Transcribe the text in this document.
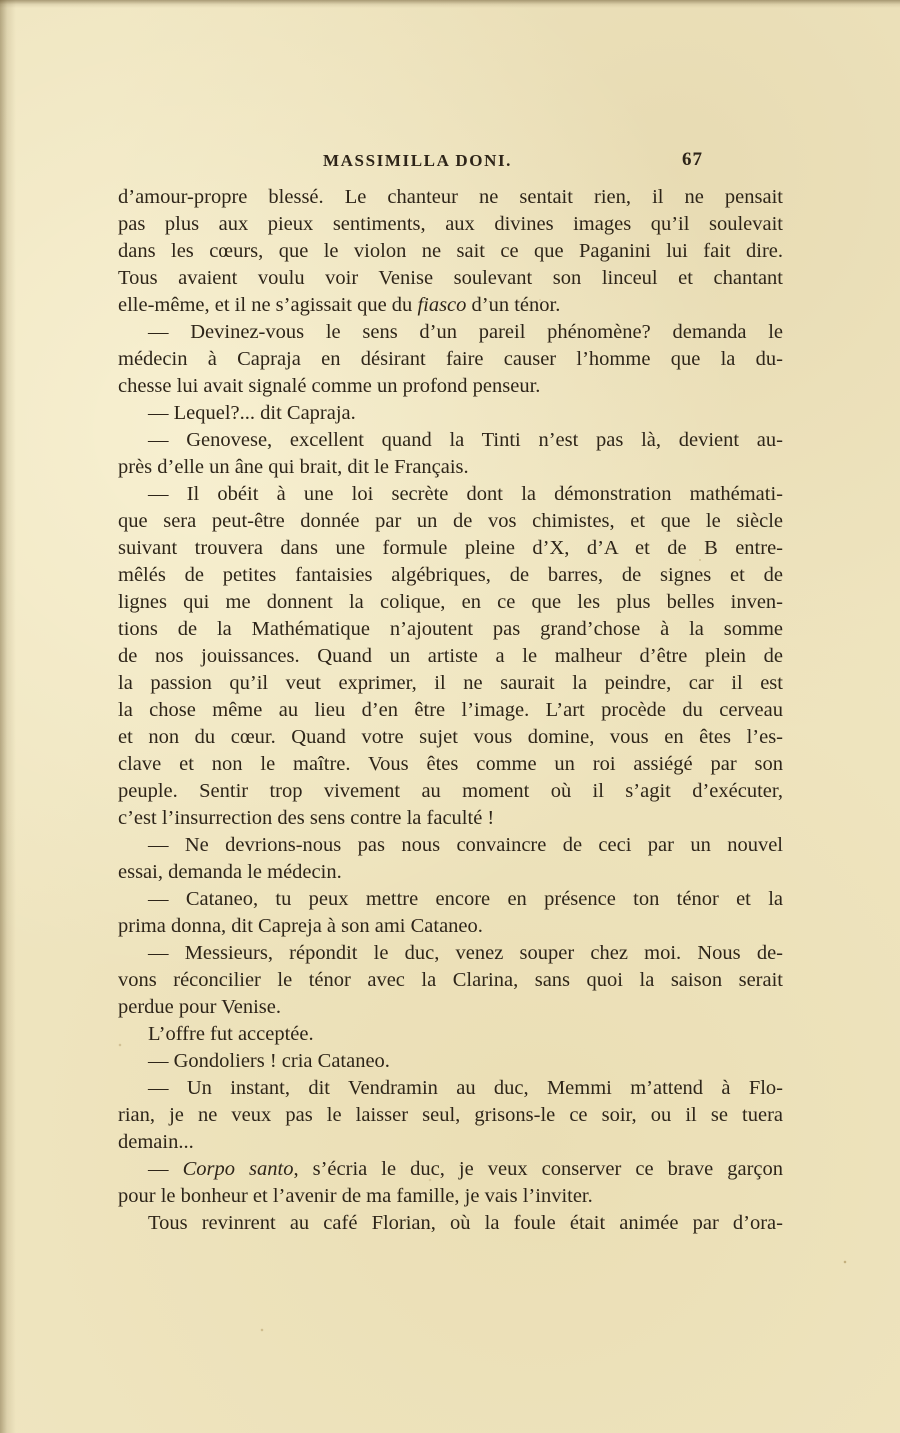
MASSIMILLA DONI.	67
d’amour-propre blessé. Le chanteur ne sentait rien, il ne pensait
pas plus aux pieux sentiments, aux divines images qu’il soulevait
dans les cœurs, que le violon ne sait ce que Paganini lui fait dire.
Tous avaient voulu voir Venise soulevant son linceul et chantant
elle-même, et il ne s’agissait que du fiasco d’un ténor.
— Devinez-vous le sens d’un pareil phénomène? demanda le
médecin à Capraja en désirant faire causer l’homme que la du-
chesse lui avait signalé comme un profond penseur.
— Lequel?... dit Capraja.
— Genovese, excellent quand la Tinti n’est pas là, devient au-
près d’elle un âne qui brait, dit le Français.
— Il obéit à une loi secrète dont la démonstration mathémati-
que sera peut-être donnée par un de vos chimistes, et que le siècle
suivant trouvera dans une formule pleine d’X, d’A et de B entre-
mêlés de petites fantaisies algébriques, de barres, de signes et de
lignes qui me donnent la colique, en ce que les plus belles inven-
tions de la Mathématique n’ajoutent pas grand’chose à la somme
de nos jouissances. Quand un artiste a le malheur d’être plein de
la passion qu’il veut exprimer, il ne saurait la peindre, car il est
la chose même au lieu d’en être l’image. L’art procède du cerveau
et non du cœur. Quand votre sujet vous domine, vous en êtes l’es-
clave et non le maître. Vous êtes comme un roi assiégé par son
peuple. Sentir trop vivement au moment où il s’agit d’exécuter,
c’est l’insurrection des sens contre la faculté !
— Ne devrions-nous pas nous convaincre de ceci par un nouvel
essai, demanda le médecin.
— Cataneo, tu peux mettre encore en présence ton ténor et la
prima donna, dit Capreja à son ami Cataneo.
— Messieurs, répondit le duc, venez souper chez moi. Nous de-
vons réconcilier le ténor avec la Clarina, sans quoi la saison serait
perdue pour Venise.
L’offre fut acceptée.
— Gondoliers ! cria Cataneo.
— Un instant, dit Vendramin au duc, Memmi m’attend à Flo-
rian, je ne veux pas le laisser seul, grisons-le ce soir, ou il se tuera
demain...
— Corpo santo, s’écria le duc, je veux conserver ce brave garçon
pour le bonheur et l’avenir de ma famille, je vais l’inviter.
Tous revinrent au café Florian, où la foule était animée par d’ora-
